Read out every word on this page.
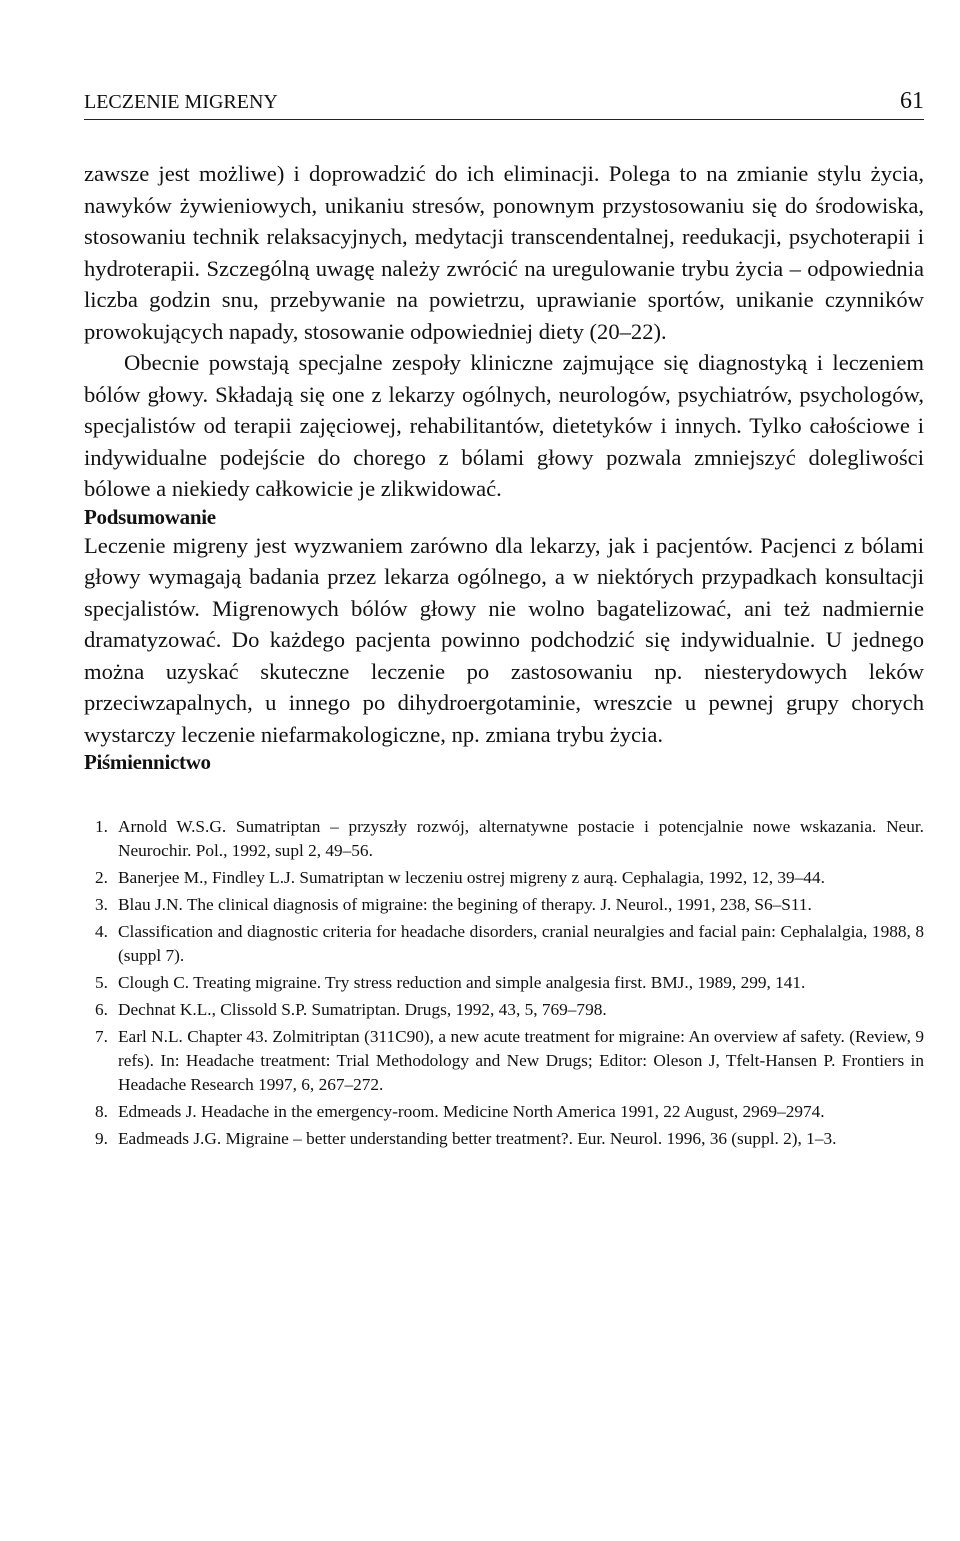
LECZENIE MIGRENY	61

zawsze jest możliwe) i doprowadzić do ich eliminacji. Polega to na zmianie stylu życia, nawyków żywieniowych, unikaniu stresów, ponownym przystosowaniu się do środowiska, stosowaniu technik relaksacyjnych, medytacji transcendentalnej, reedukacji, psychoterapii i hydroterapii. Szczególną uwagę należy zwrócić na uregulowanie trybu życia – odpowiednia liczba godzin snu, przebywanie na powietrzu, uprawianie sportów, unikanie czynników prowokujących napady, stosowanie odpowiedniej diety (20–22).

Obecnie powstają specjalne zespoły kliniczne zajmujące się diagnostyką i leczeniem bólów głowy. Składają się one z lekarzy ogólnych, neurologów, psychiatrów, psychologów, specjalistów od terapii zajęciowej, rehabilitantów, dietetyków i innych. Tylko całościowe i indywidualne podejście do chorego z bólami głowy pozwala zmniejszyć dolegliwości bólowe a niekiedy całkowicie je zlikwidować.

Podsumowanie

Leczenie migreny jest wyzwaniem zarówno dla lekarzy, jak i pacjentów. Pacjenci z bólami głowy wymagają badania przez lekarza ogólnego, a w niektórych przypadkach konsultacji specjalistów. Migrenowych bólów głowy nie wolno bagatelizować, ani też nadmiernie dramatyzować. Do każdego pacjenta powinno podchodzić się indywidualnie. U jednego można uzyskać skuteczne leczenie po zastosowaniu np. niesterydowych leków przeciwzapalnych, u innego po dihydroergotaminie, wreszcie u pewnej grupy chorych wystarczy leczenie niefarmakologiczne, np. zmiana trybu życia.

Piśmiennictwo
1. Arnold W.S.G. Sumatriptan – przyszły rozwój, alternatywne postacie i potencjalnie nowe wskazania. Neur. Neurochir. Pol., 1992, supl 2, 49–56.
2. Banerjee M., Findley L.J. Sumatriptan w leczeniu ostrej migreny z aurą. Cephalagia, 1992, 12, 39–44.
3. Blau J.N. The clinical diagnosis of migraine: the begining of therapy. J. Neurol., 1991, 238, S6–S11.
4. Classification and diagnostic criteria for headache disorders, cranial neuralgies and facial pain: Cephalalgia, 1988, 8 (suppl 7).
5. Clough C. Treating migraine. Try stress reduction and simple analgesia first. BMJ., 1989, 299, 141.
6. Dechnat K.L., Clissold S.P. Sumatriptan. Drugs, 1992, 43, 5, 769–798.
7. Earl N.L. Chapter 43. Zolmitriptan (311C90), a new acute treatment for migraine: An overview af safety. (Review, 9 refs). In: Headache treatment: Trial Methodology and New Drugs; Editor: Oleson J, Tfelt-Hansen P. Frontiers in Headache Research 1997, 6, 267–272.
8. Edmeads J. Headache in the emergency-room. Medicine North America 1991, 22 August, 2969–2974.
9. Eadmeads J.G. Migraine – better understanding better treatment?. Eur. Neurol. 1996, 36 (suppl. 2), 1–3.
